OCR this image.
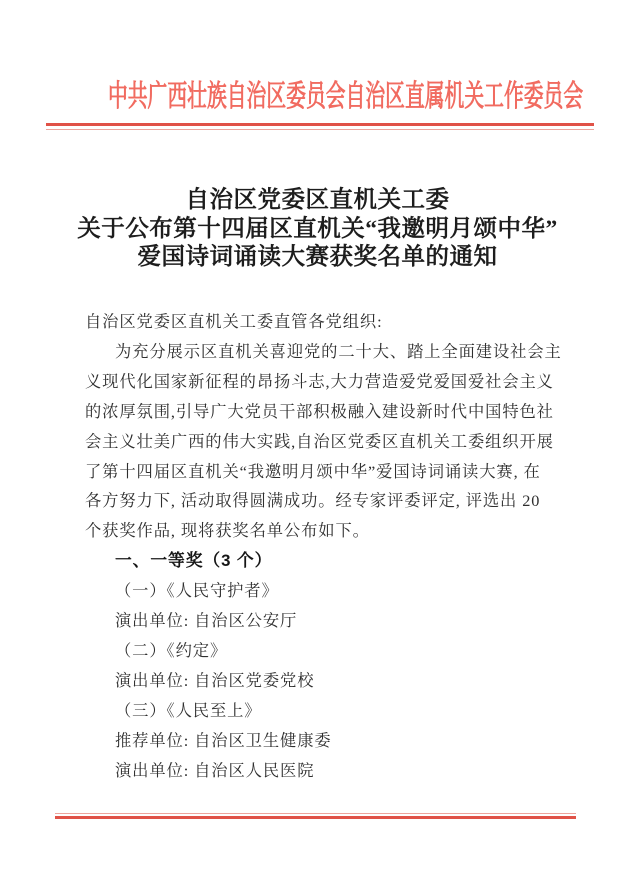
中共广西壮族自治区委员会自治区直属机关工作委员会
自治区党委区直机关工委
关于公布第十四届区直机关“我邀明月颂中华”
爱国诗词诵读大赛获奖名单的通知
自治区党委区直机关工委直管各党组织:
为充分展示区直机关喜迎党的二十大、踏上全面建设社会主
义现代化国家新征程的昂扬斗志,大力营造爱党爱国爱社会主义
的浓厚氛围,引导广大党员干部积极融入建设新时代中国特色社
会主义壮美广西的伟大实践,自治区党委区直机关工委组织开展
了第十四届区直机关“我邀明月颂中华”爱国诗词诵读大赛, 在
各方努力下, 活动取得圆满成功。经专家评委评定, 评选出 20
个获奖作品, 现将获奖名单公布如下。
一、一等奖（3 个）
（一）《人民守护者》
演出单位: 自治区公安厅
（二）《约定》
演出单位: 自治区党委党校
（三）《人民至上》
推荐单位: 自治区卫生健康委
演出单位: 自治区人民医院
